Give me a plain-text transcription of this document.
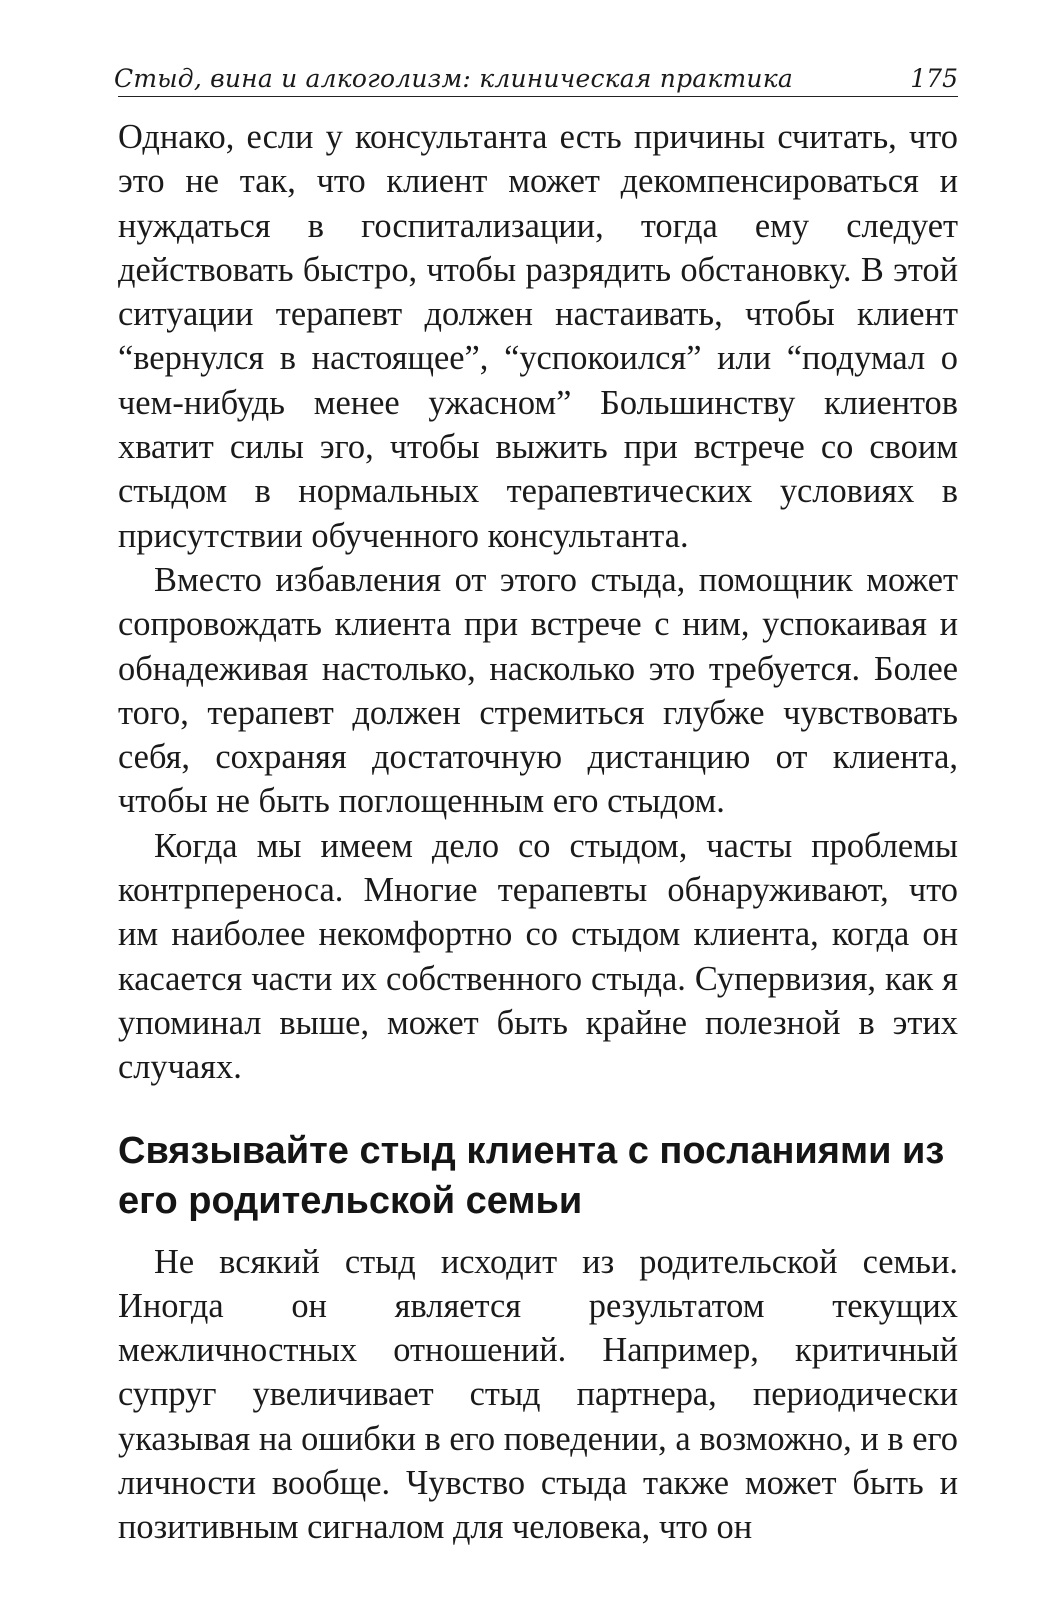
Стыд, вина и алкоголизм: клиническая практика	175

Однако, если у консультанта есть причины считать, что это не так, что клиент может декомпенсироваться и нуждаться в госпитализации, тогда ему следует действовать быстро, чтобы разрядить обстановку. В этой ситуации терапевт должен настаивать, чтобы клиент “вернулся в настоящее”, “успокоился” или “подумал о чем-нибудь менее ужасном” Большинству клиентов хватит силы эго, чтобы выжить при встрече со своим стыдом в нормальных терапевтических условиях в присутствии обученного консультанта.

Вместо избавления от этого стыда, помощник может сопровождать клиента при встрече с ним, успокаивая и обнадеживая настолько, насколько это требуется. Более того, терапевт должен стремиться глубже чувствовать себя, сохраняя достаточную дистанцию от клиента, чтобы не быть поглощенным его стыдом.

Когда мы имеем дело со стыдом, часты проблемы контрпереноса. Многие терапевты обнаруживают, что им наиболее некомфортно со стыдом клиента, когда он касается части их собственного стыда. Супервизия, как я упоминал выше, может быть крайне полезной в этих случаях.

Связывайте стыд клиента с посланиями из его родительской семьи

Не всякий стыд исходит из родительской семьи. Иногда он является результатом текущих межличностных отношений. Например, критичный супруг увеличивает стыд партнера, периодически указывая на ошибки в его поведении, а возможно, и в его личности вообще. Чувство стыда также может быть и позитивным сигналом для человека, что он
